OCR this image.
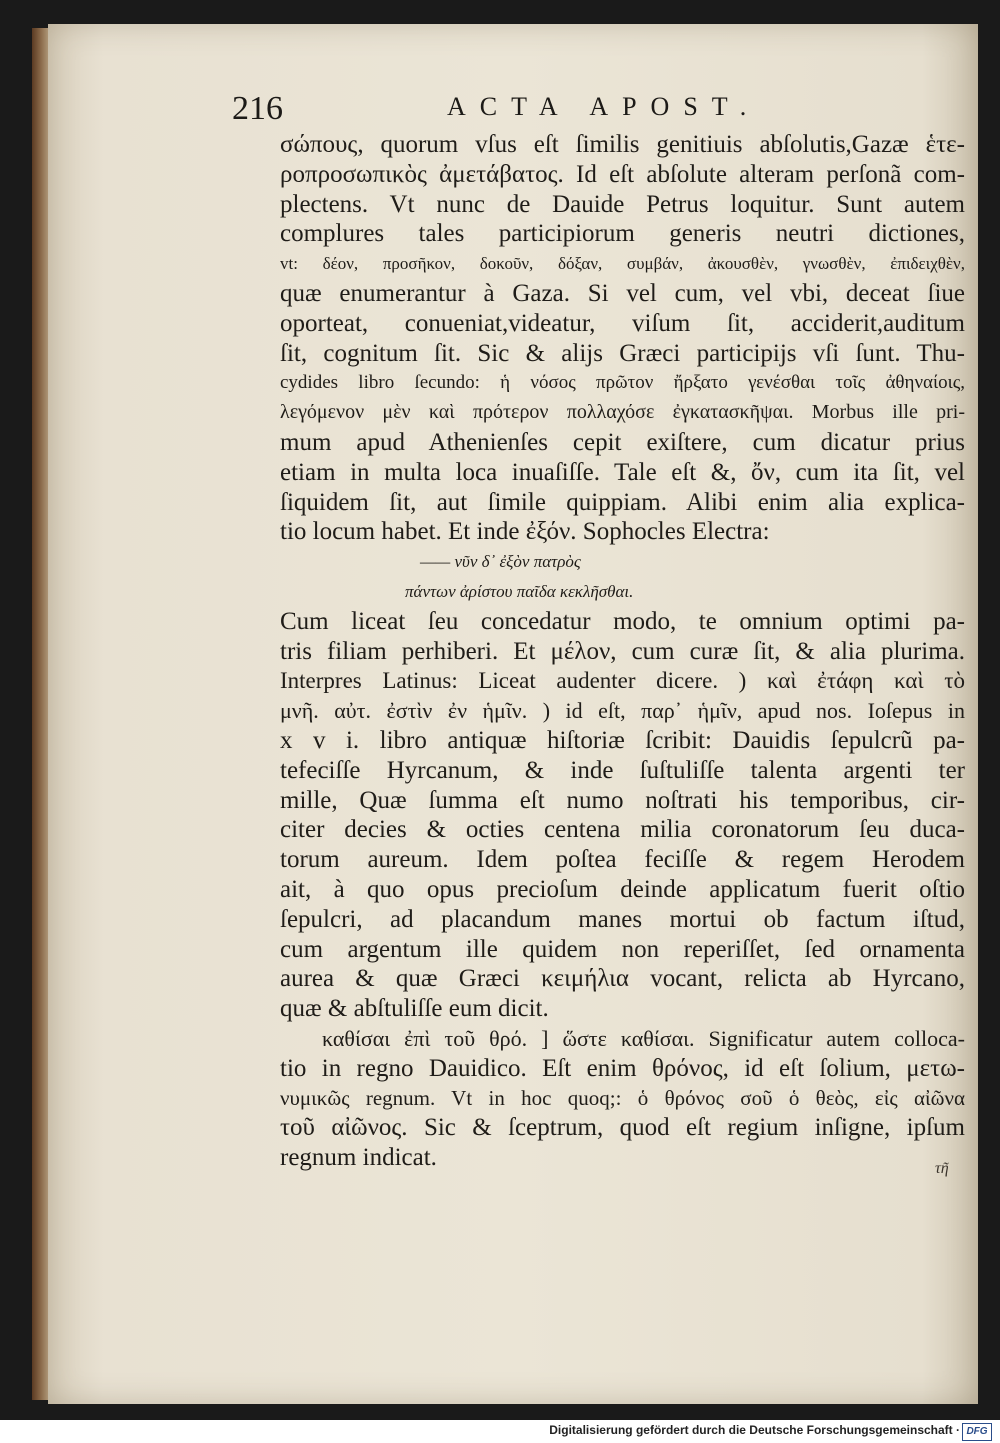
216	ACTA APOST.
σώπους, quorum vſus eſt ſimilis genitiuis abſolutis,Gazæ ἑτε-
ροπροσωπικὸς ἀμετάβατος. Id eſt abſolute alteram perſonã com-
plectens. Vt nunc de Dauide Petrus loquitur. Sunt autem
complures tales participiorum generis neutri dictiones,
vt: δέον, προσῆκον, δοκοῦν, δόξαν, συμβάν, ἀκουσθὲν, γνωσθὲν, ἐπιδειχθὲν,
quæ enumerantur à Gaza. Si vel cum, vel vbi, deceat ſiue
oporteat, conueniat,videatur, viſum ſit, acciderit,auditum
ſit, cognitum ſit. Sic & alijs Græci participijs vſi ſunt. Thu-
cydides libro ſecundo: ἡ νόσος πρῶτον ἤρξατο γενέσθαι τοῖς ἀθηναίοις,
λεγόμενον μὲν καὶ πρότερον πολλαχόσε ἐγκατασκῆψαι. Morbus ille pri-
mum apud Athenienſes cepit exiſtere, cum dicatur prius
etiam in multa loca inuaſiſſe. Tale eſt &, ὄν, cum ita ſit, vel
ſiquidem ſit, aut ſimile quippiam. Alibi enim alia explica-
tio locum habet. Et inde ἐξόν. Sophocles Electra:
—— νῦν δ᾽ ἐξὸν πατρὸς
πάντων ἀρίστου παῖδα κεκλῆσθαι.
Cum liceat ſeu concedatur modo, te omnium optimi pa-
tris filiam perhiberi. Et μέλον, cum curæ ſit, & alia plurima.
Interpres Latinus: Liceat audenter dicere. ) καὶ ἐτάφη καὶ τὸ
μνῆ. αὐτ. ἐστὶν ἐν ἡμῖν. ) id eſt, παρ᾽ ἡμῖν, apud nos. Ioſepus in
x v i. libro antiquæ hiſtoriæ ſcribit: Dauidis ſepulcrũ pa-
tefeciſſe Hyrcanum, & inde ſuſtuliſſe talenta argenti ter
mille, Quæ ſumma eſt numo noſtrati his temporibus, cir-
citer decies & octies centena milia coronatorum ſeu duca-
torum aureum. Idem poſtea feciſſe & regem Herodem
ait, à quo opus precioſum deinde applicatum fuerit oſtio
ſepulcri, ad placandum manes mortui ob factum iſtud,
cum argentum ille quidem non reperiſſet, ſed ornamenta
aurea & quæ Græci κειμήλια vocant, relicta ab Hyrcano,
quæ & abſtuliſſe eum dicit.
καθίσαι ἐπὶ τοῦ θρό. ] ὥστε καθίσαι. Significatur autem colloca-
tio in regno Dauidico. Eſt enim θρόνος, id eſt ſolium, μετω-
νυμικῶς regnum. Vt in hoc quoq;: ὁ θρόνος σοῦ ὁ θεὸς, εἰς αἰῶνα
τοῦ αἰῶνος. Sic & ſceptrum, quod eſt regium inſigne, ipſum
regnum indicat.	τῆ
Digitalisierung gefördert durch die Deutsche Forschungsgemeinschaft · DFG
